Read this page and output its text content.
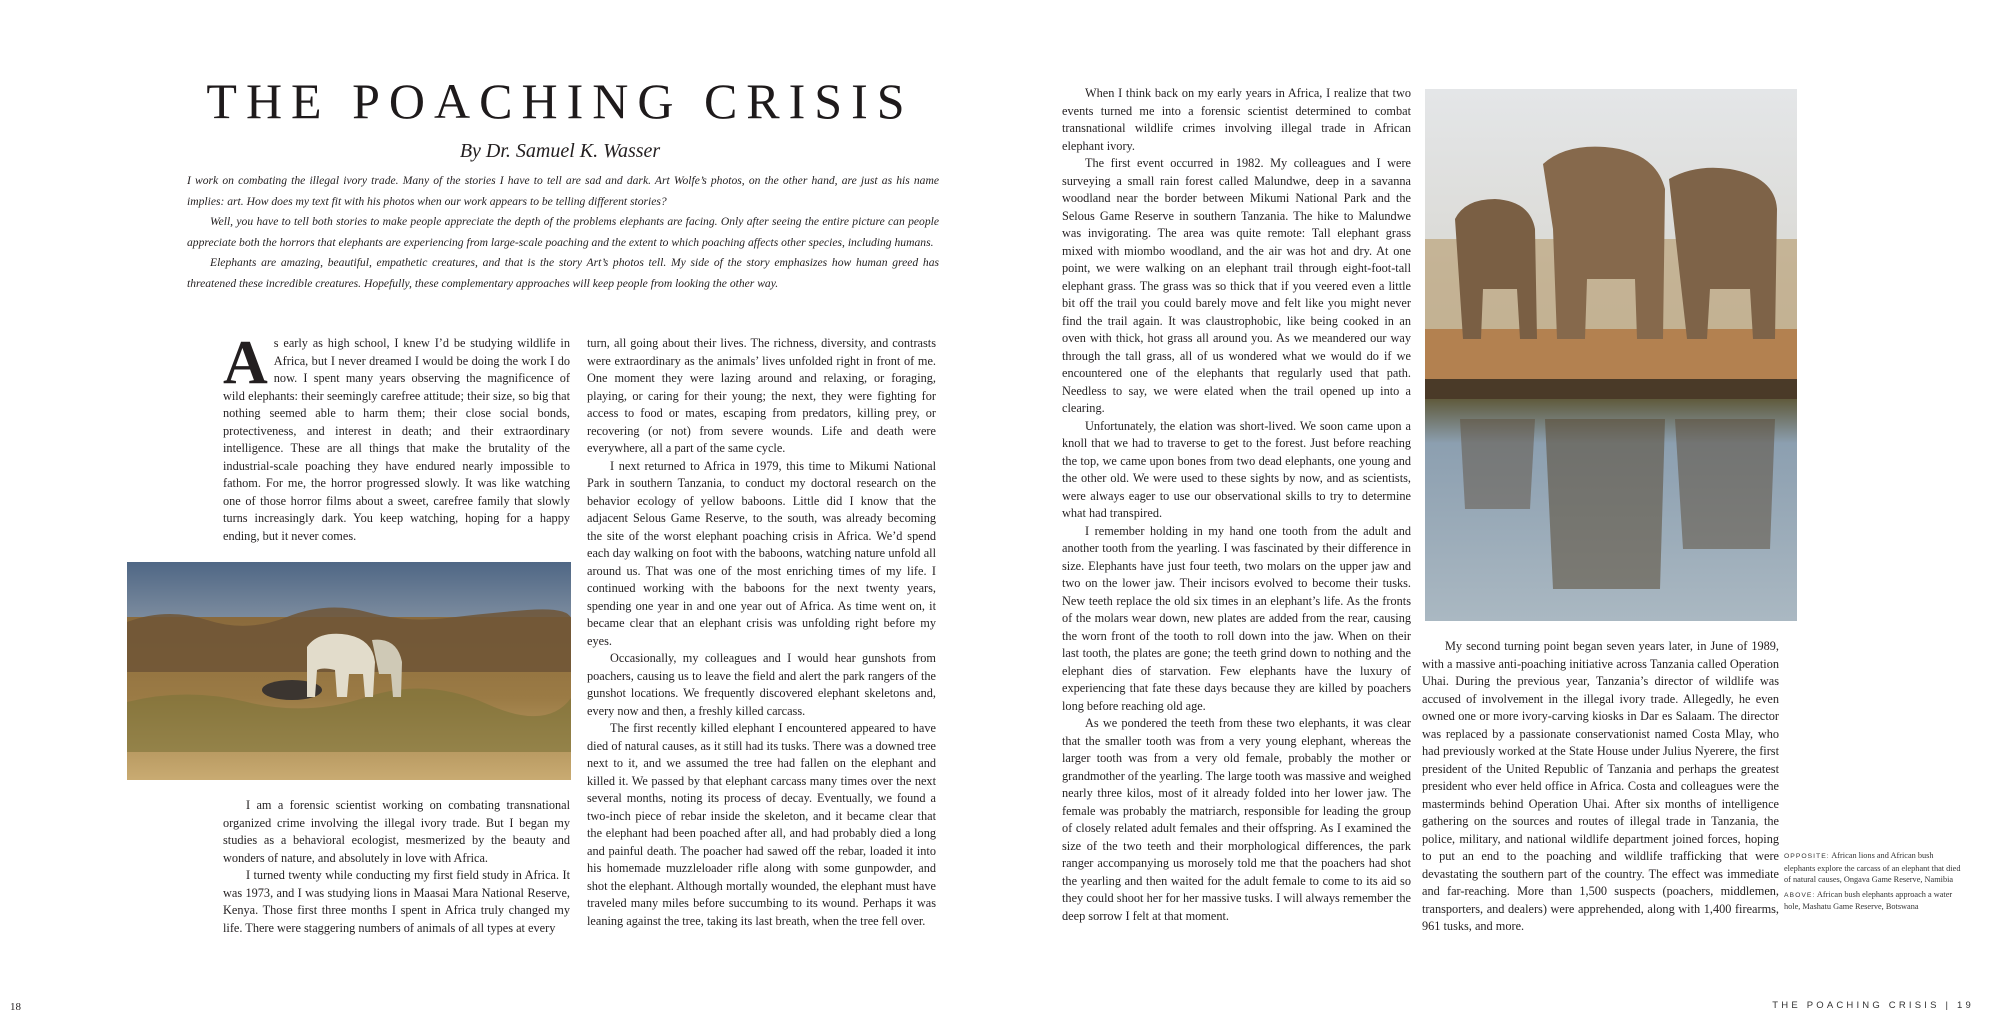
THE POACHING CRISIS
By Dr. Samuel K. Wasser

I work on combating the illegal ivory trade. Many of the stories I have to tell are sad and dark. Art Wolfe’s photos, on the other hand, are just as his name implies: art. How does my text fit with his photos when our work appears to be telling different stories?

Well, you have to tell both stories to make people appreciate the depth of the problems elephants are facing. Only after seeing the entire picture can people appreciate both the horrors that elephants are experiencing from large-scale poaching and the extent to which poaching affects other species, including humans.

Elephants are amazing, beautiful, empathetic creatures, and that is the story Art’s photos tell. My side of the story emphasizes how human greed has threatened these incredible creatures. Hopefully, these complementary approaches will keep people from looking the other way.

As early as high school, I knew I’d be studying wildlife in Africa, but I never dreamed I would be doing the work I do now. I spent many years observing the magnificence of wild elephants: their seemingly carefree attitude; their size, so big that nothing seemed able to harm them; their close social bonds, protectiveness, and interest in death; and their extraordinary intelligence. These are all things that make the brutality of the industrial-scale poaching they have endured nearly impossible to fathom. For me, the horror progressed slowly. It was like watching one of those horror films about a sweet, carefree family that slowly turns increasingly dark. You keep watching, hoping for a happy ending, but it never comes.

I am a forensic scientist working on combating transnational organized crime involving the illegal ivory trade. But I began my studies as a behavioral ecologist, mesmerized by the beauty and wonders of nature, and absolutely in love with Africa.

I turned twenty while conducting my first field study in Africa. It was 1973, and I was studying lions in Maasai Mara National Reserve, Kenya. Those first three months I spent in Africa truly changed my life. There were staggering numbers of animals of all types at every

turn, all going about their lives. The richness, diversity, and contrasts were extraordinary as the animals’ lives unfolded right in front of me. One moment they were lazing around and relaxing, or foraging, playing, or caring for their young; the next, they were fighting for access to food or mates, escaping from predators, killing prey, or recovering (or not) from severe wounds. Life and death were everywhere, all a part of the same cycle.

I next returned to Africa in 1979, this time to Mikumi National Park in southern Tanzania, to conduct my doctoral research on the behavior ecology of yellow baboons. Little did I know that the adjacent Selous Game Reserve, to the south, was already becoming the site of the worst elephant poaching crisis in Africa. We’d spend each day walking on foot with the baboons, watching nature unfold all around us. That was one of the most enriching times of my life. I continued working with the baboons for the next twenty years, spending one year in and one year out of Africa. As time went on, it became clear that an elephant crisis was unfolding right before my eyes.

Occasionally, my colleagues and I would hear gunshots from poachers, causing us to leave the field and alert the park rangers of the gunshot locations. We frequently discovered elephant skeletons and, every now and then, a freshly killed carcass.

The first recently killed elephant I encountered appeared to have died of natural causes, as it still had its tusks. There was a downed tree next to it, and we assumed the tree had fallen on the elephant and killed it. We passed by that elephant carcass many times over the next several months, noting its process of decay. Eventually, we found a two-inch piece of rebar inside the skeleton, and it became clear that the elephant had been poached after all, and had probably died a long and painful death. The poacher had sawed off the rebar, loaded it into his homemade muzzleloader rifle along with some gunpowder, and shot the elephant. Although mortally wounded, the elephant must have traveled many miles before succumbing to its wound. Perhaps it was leaning against the tree, taking its last breath, when the tree fell over.

When I think back on my early years in Africa, I realize that two events turned me into a forensic scientist determined to combat transnational wildlife crimes involving illegal trade in African elephant ivory.

The first event occurred in 1982. My colleagues and I were surveying a small rain forest called Malundwe, deep in a savanna woodland near the border between Mikumi National Park and the Selous Game Reserve in southern Tanzania. The hike to Malundwe was invigorating. The area was quite remote: Tall elephant grass mixed with miombo woodland, and the air was hot and dry. At one point, we were walking on an elephant trail through eight-foot-tall elephant grass. The grass was so thick that if you veered even a little bit off the trail you could barely move and felt like you might never find the trail again. It was claustrophobic, like being cooked in an oven with thick, hot grass all around you. As we meandered our way through the tall grass, all of us wondered what we would do if we encountered one of the elephants that regularly used that path. Needless to say, we were elated when the trail opened up into a clearing.

Unfortunately, the elation was short-lived. We soon came upon a knoll that we had to traverse to get to the forest. Just before reaching the top, we came upon bones from two dead elephants, one young and the other old. We were used to these sights by now, and as scientists, were always eager to use our observational skills to try to determine what had transpired.

I remember holding in my hand one tooth from the adult and another tooth from the yearling. I was fascinated by their difference in size. Elephants have just four teeth, two molars on the upper jaw and two on the lower jaw. Their incisors evolved to become their tusks. New teeth replace the old six times in an elephant’s life. As the fronts of the molars wear down, new plates are added from the rear, causing the worn front of the tooth to roll down into the jaw. When on their last tooth, the plates are gone; the teeth grind down to nothing and the elephant dies of starvation. Few elephants have the luxury of experiencing that fate these days because they are killed by poachers long before reaching old age.

As we pondered the teeth from these two elephants, it was clear that the smaller tooth was from a very young elephant, whereas the larger tooth was from a very old female, probably the mother or grandmother of the yearling. The large tooth was massive and weighed nearly three kilos, most of it already folded into her lower jaw. The female was probably the matriarch, responsible for leading the group of closely related adult females and their offspring. As I examined the size of the two teeth and their morphological differences, the park ranger accompanying us morosely told me that the poachers had shot the yearling and then waited for the adult female to come to its aid so they could shoot her for her massive tusks. I will always remember the deep sorrow I felt at that moment.

My second turning point began seven years later, in June of 1989, with a massive anti-poaching initiative across Tanzania called Operation Uhai. During the previous year, Tanzania’s director of wildlife was accused of involvement in the illegal ivory trade. Allegedly, he even owned one or more ivory-carving kiosks in Dar es Salaam. The director was replaced by a passionate conservationist named Costa Mlay, who had previously worked at the State House under Julius Nyerere, the first president of the United Republic of Tanzania and perhaps the greatest president who ever held office in Africa. Costa and colleagues were the masterminds behind Operation Uhai. After six months of intelligence gathering on the sources and routes of illegal trade in Tanzania, the police, military, and national wildlife department joined forces, hoping to put an end to the poaching and wildlife trafficking that were devastating the southern part of the country. The effect was immediate and far-reaching. More than 1,500 suspects (poachers, middlemen, transporters, and dealers) were apprehended, along with 1,400 firearms, 961 tusks, and more.

OPPOSITE: African lions and African bush elephants explore the carcass of an elephant that died of natural causes, Ongava Game Reserve, Namibia

ABOVE: African bush elephants approach a water hole, Mashatu Game Reserve, Botswana

18	THE POACHING CRISIS | 19
